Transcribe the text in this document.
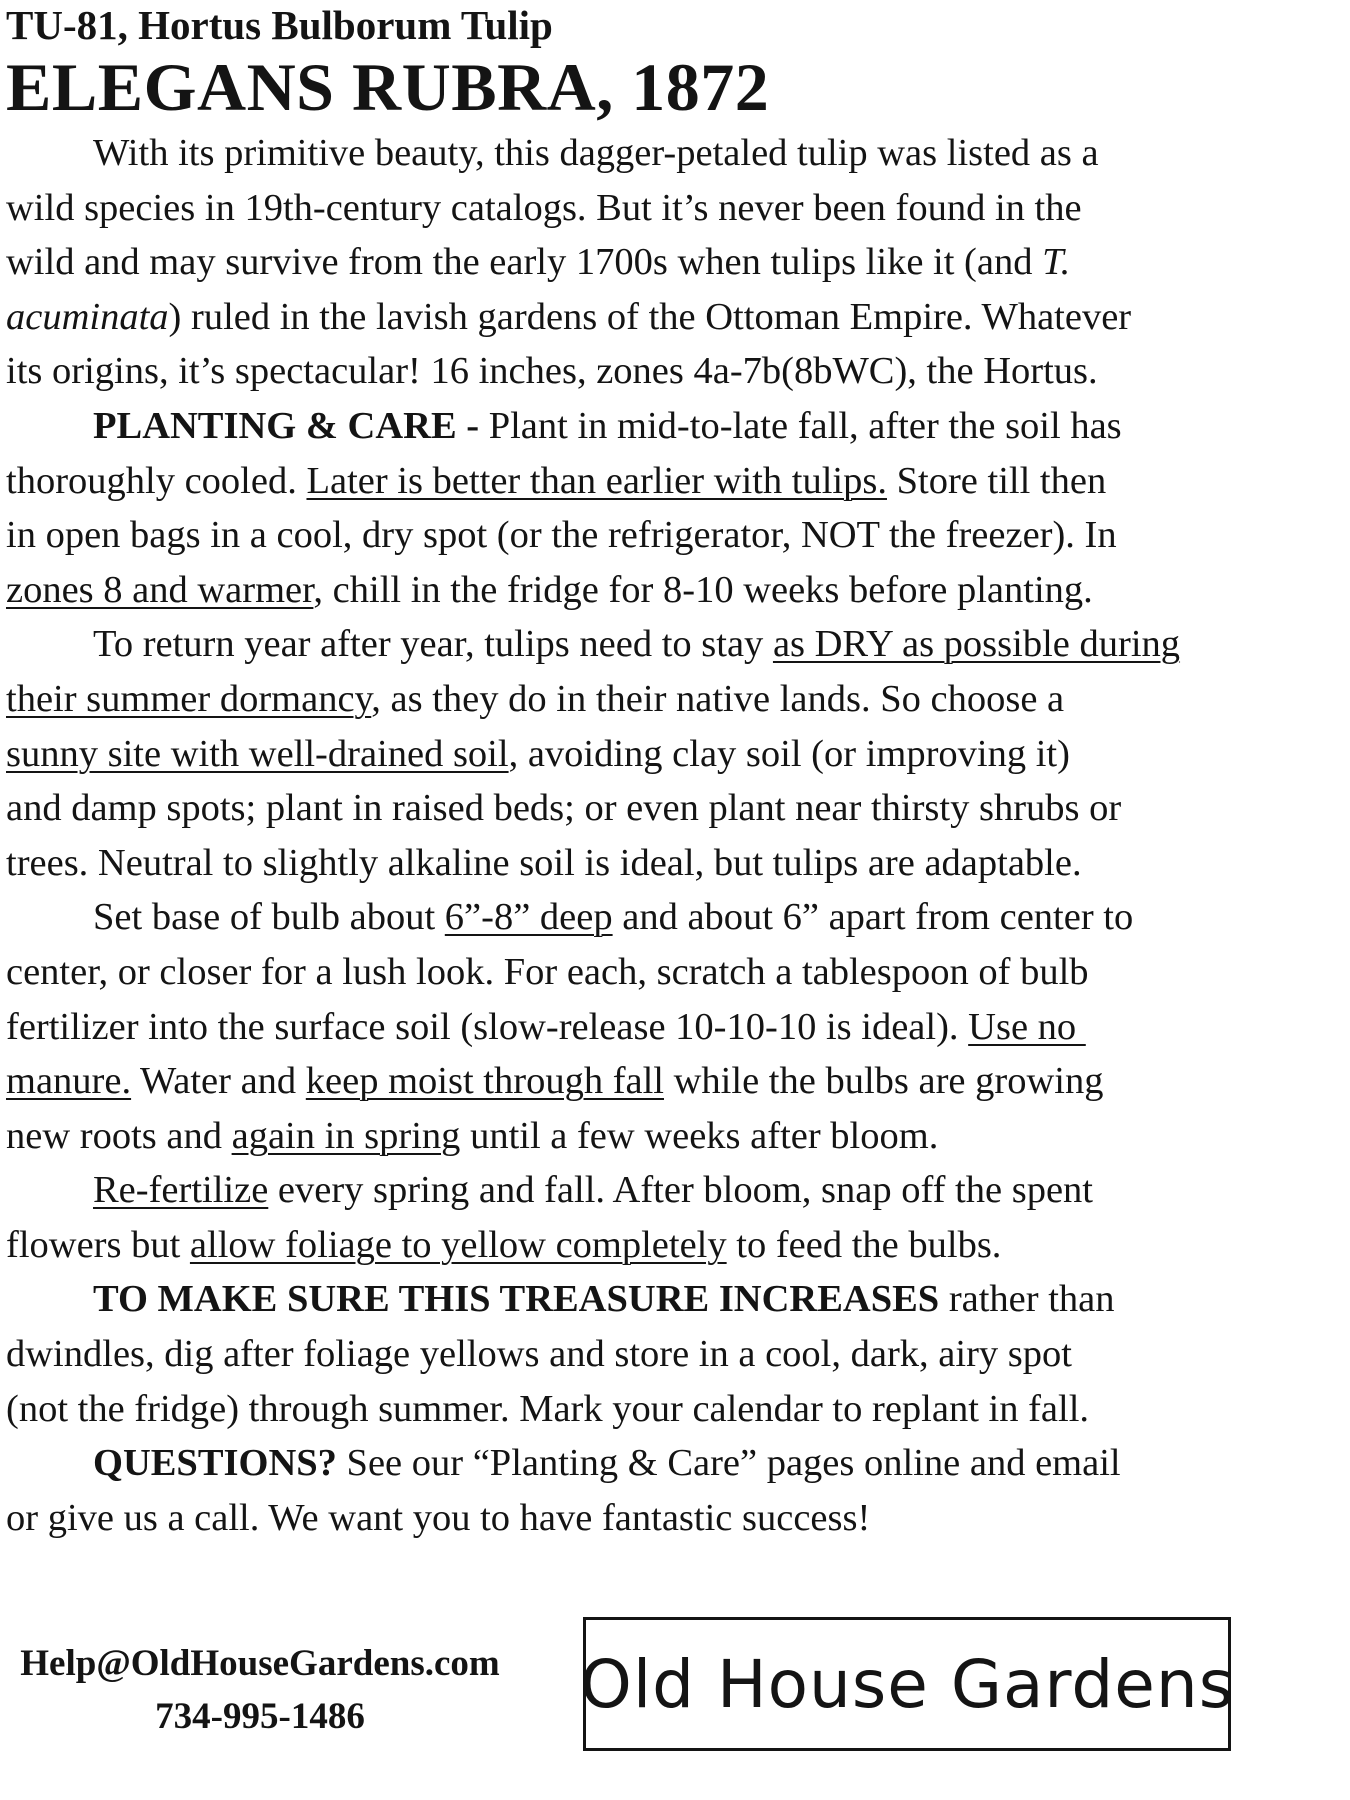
TU-81, Hortus Bulborum Tulip
ELEGANS RUBRA, 1872

With its primitive beauty, this dagger-petaled tulip was listed as a
wild species in 19th-century catalogs. But it’s never been found in the
wild and may survive from the early 1700s when tulips like it (and T.
acuminata) ruled in the lavish gardens of the Ottoman Empire. Whatever
its origins, it’s spectacular! 16 inches, zones 4a-7b(8bWC), the Hortus.

PLANTING & CARE - Plant in mid-to-late fall, after the soil has
thoroughly cooled. Later is better than earlier with tulips. Store till then
in open bags in a cool, dry spot (or the refrigerator, NOT the freezer). In
zones 8 and warmer, chill in the fridge for 8-10 weeks before planting.

To return year after year, tulips need to stay as DRY as possible during
their summer dormancy, as they do in their native lands. So choose a
sunny site with well-drained soil, avoiding clay soil (or improving it)
and damp spots; plant in raised beds; or even plant near thirsty shrubs or
trees. Neutral to slightly alkaline soil is ideal, but tulips are adaptable.

Set base of bulb about 6”-8” deep and about 6” apart from center to
center, or closer for a lush look. For each, scratch a tablespoon of bulb
fertilizer into the surface soil (slow-release 10-10-10 is ideal). Use no
manure. Water and keep moist through fall while the bulbs are growing
new roots and again in spring until a few weeks after bloom.

Re-fertilize every spring and fall. After bloom, snap off the spent
flowers but allow foliage to yellow completely to feed the bulbs.

TO MAKE SURE THIS TREASURE INCREASES rather than
dwindles, dig after foliage yellows and store in a cool, dark, airy spot
(not the fridge) through summer. Mark your calendar to replant in fall.

QUESTIONS? See our “Planting & Care” pages online and email
or give us a call. We want you to have fantastic success!

Help@OldHouseGardens.com
734-995-1486	Old House Gardens
